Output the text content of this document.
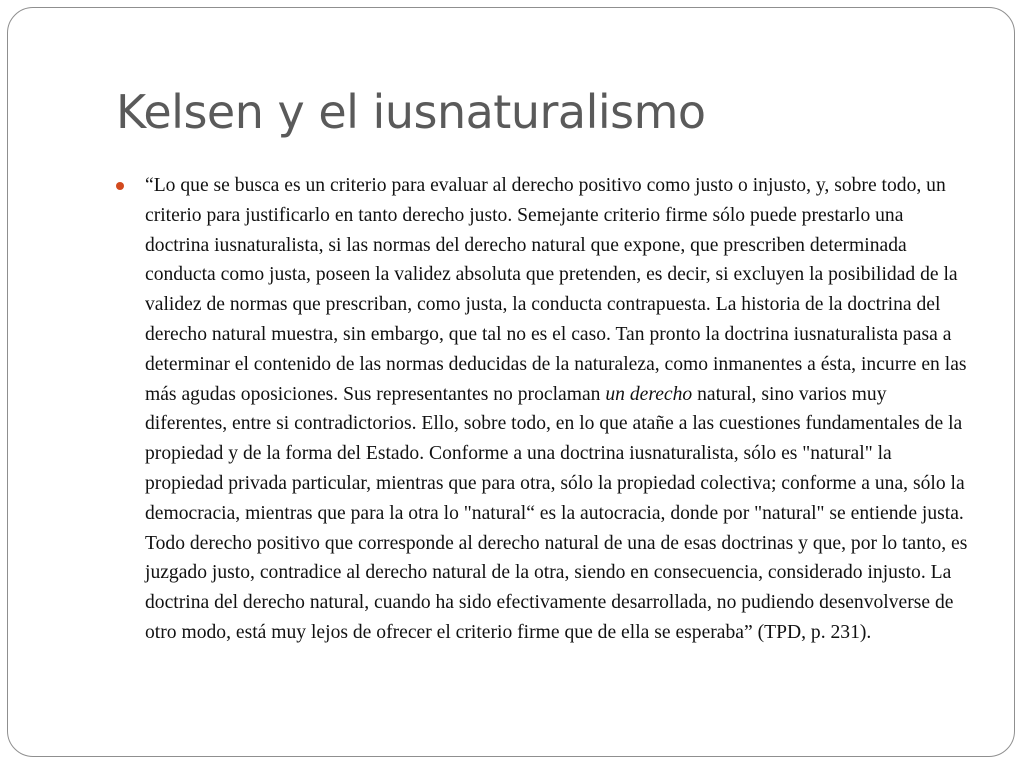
Kelsen y el iusnaturalismo
“Lo que se busca es un criterio para evaluar al derecho positivo como justo o injusto, y, sobre todo, un criterio para justificarlo en tanto derecho justo. Semejante criterio firme sólo puede prestarlo una doctrina iusnaturalista, si las normas del derecho natural que expone, que prescriben determinada conducta como justa, poseen la validez absoluta que pretenden, es decir, si excluyen la posibilidad de la validez de normas que prescriban, como justa, la conducta contrapuesta. La historia de la doctrina del derecho natural muestra, sin embargo, que tal no es el caso. Tan pronto la doctrina iusnaturalista pasa a determinar el contenido de las normas deducidas de la naturaleza, como inmanentes a ésta, incurre en las más agudas oposiciones. Sus representantes no proclaman un derecho natural, sino varios muy diferentes, entre si contradictorios. Ello, sobre todo, en lo que atañe a las cuestiones fundamentales de la propiedad y de la forma del Estado. Conforme a una doctrina iusnaturalista, sólo es "natural" la propiedad privada particular, mientras que para otra, sólo la propiedad colectiva; conforme a una, sólo la democracia, mientras que para la otra lo "natural“ es la autocracia, donde por "natural" se entiende justa. Todo derecho positivo que corresponde al derecho natural de una de esas doctrinas y que, por lo tanto, es juzgado justo, contradice al derecho natural de la otra, siendo en consecuencia, considerado injusto. La doctrina del derecho natural, cuando ha sido efectivamente desarrollada, no pudiendo desenvolverse de otro modo, está muy lejos de ofrecer el criterio firme que de ella se esperaba” (TPD, p. 231).
